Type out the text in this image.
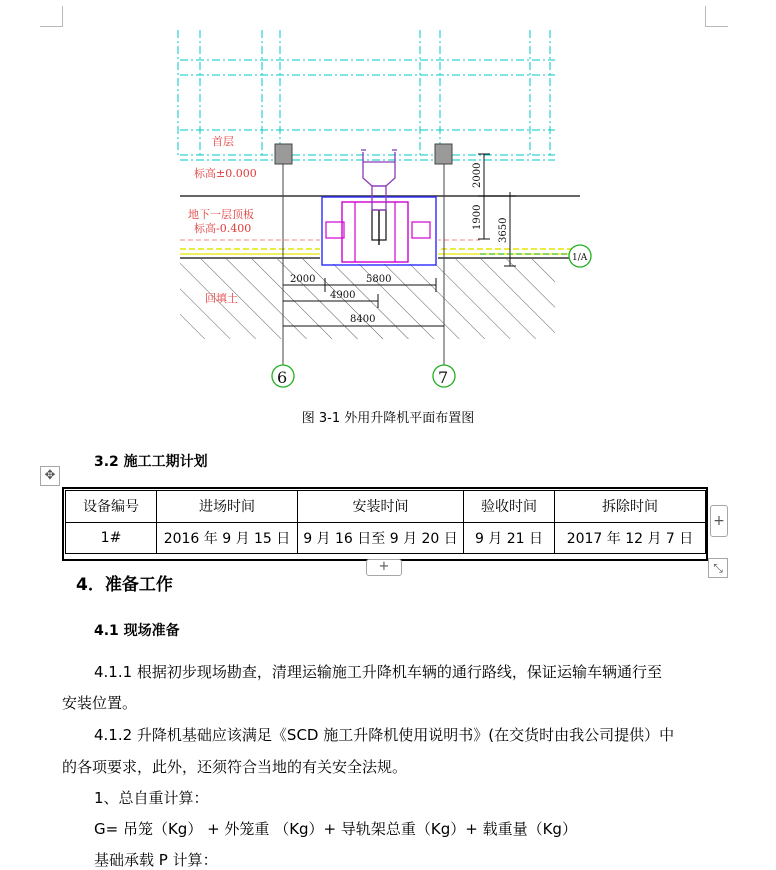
首层
标高±0.000
地下一层顶板
标高-0.400
回填土
2000
1900
3650
2000	5800
4900
8400
6	7
1/A
图 3-1 外用升降机平面布置图
3.2 施工工期计划
✥
设备编号	进场时间	安装时间	验收时间	拆除时间
1#	2016 年 9 月 15 日	9 月 16 日至 9 月 20 日	9 月 21 日	2017 年 12 月 7 日
+
+	⤡
4．准备工作
4.1 现场准备
4.1.1 根据初步现场勘查，清理运输施工升降机车辆的通行路线，保证运输车辆通行至
安装位置。
4.1.2 升降机基础应该满足《SCD 施工升降机使用说明书》(在交货时由我公司提供）中
的各项要求，此外，还须符合当地的有关安全法规。
1、总自重计算：
G= 吊笼（Kg） + 外笼重 （Kg）+ 导轨架总重（Kg）+ 载重量（Kg）
基础承载 P 计算：
